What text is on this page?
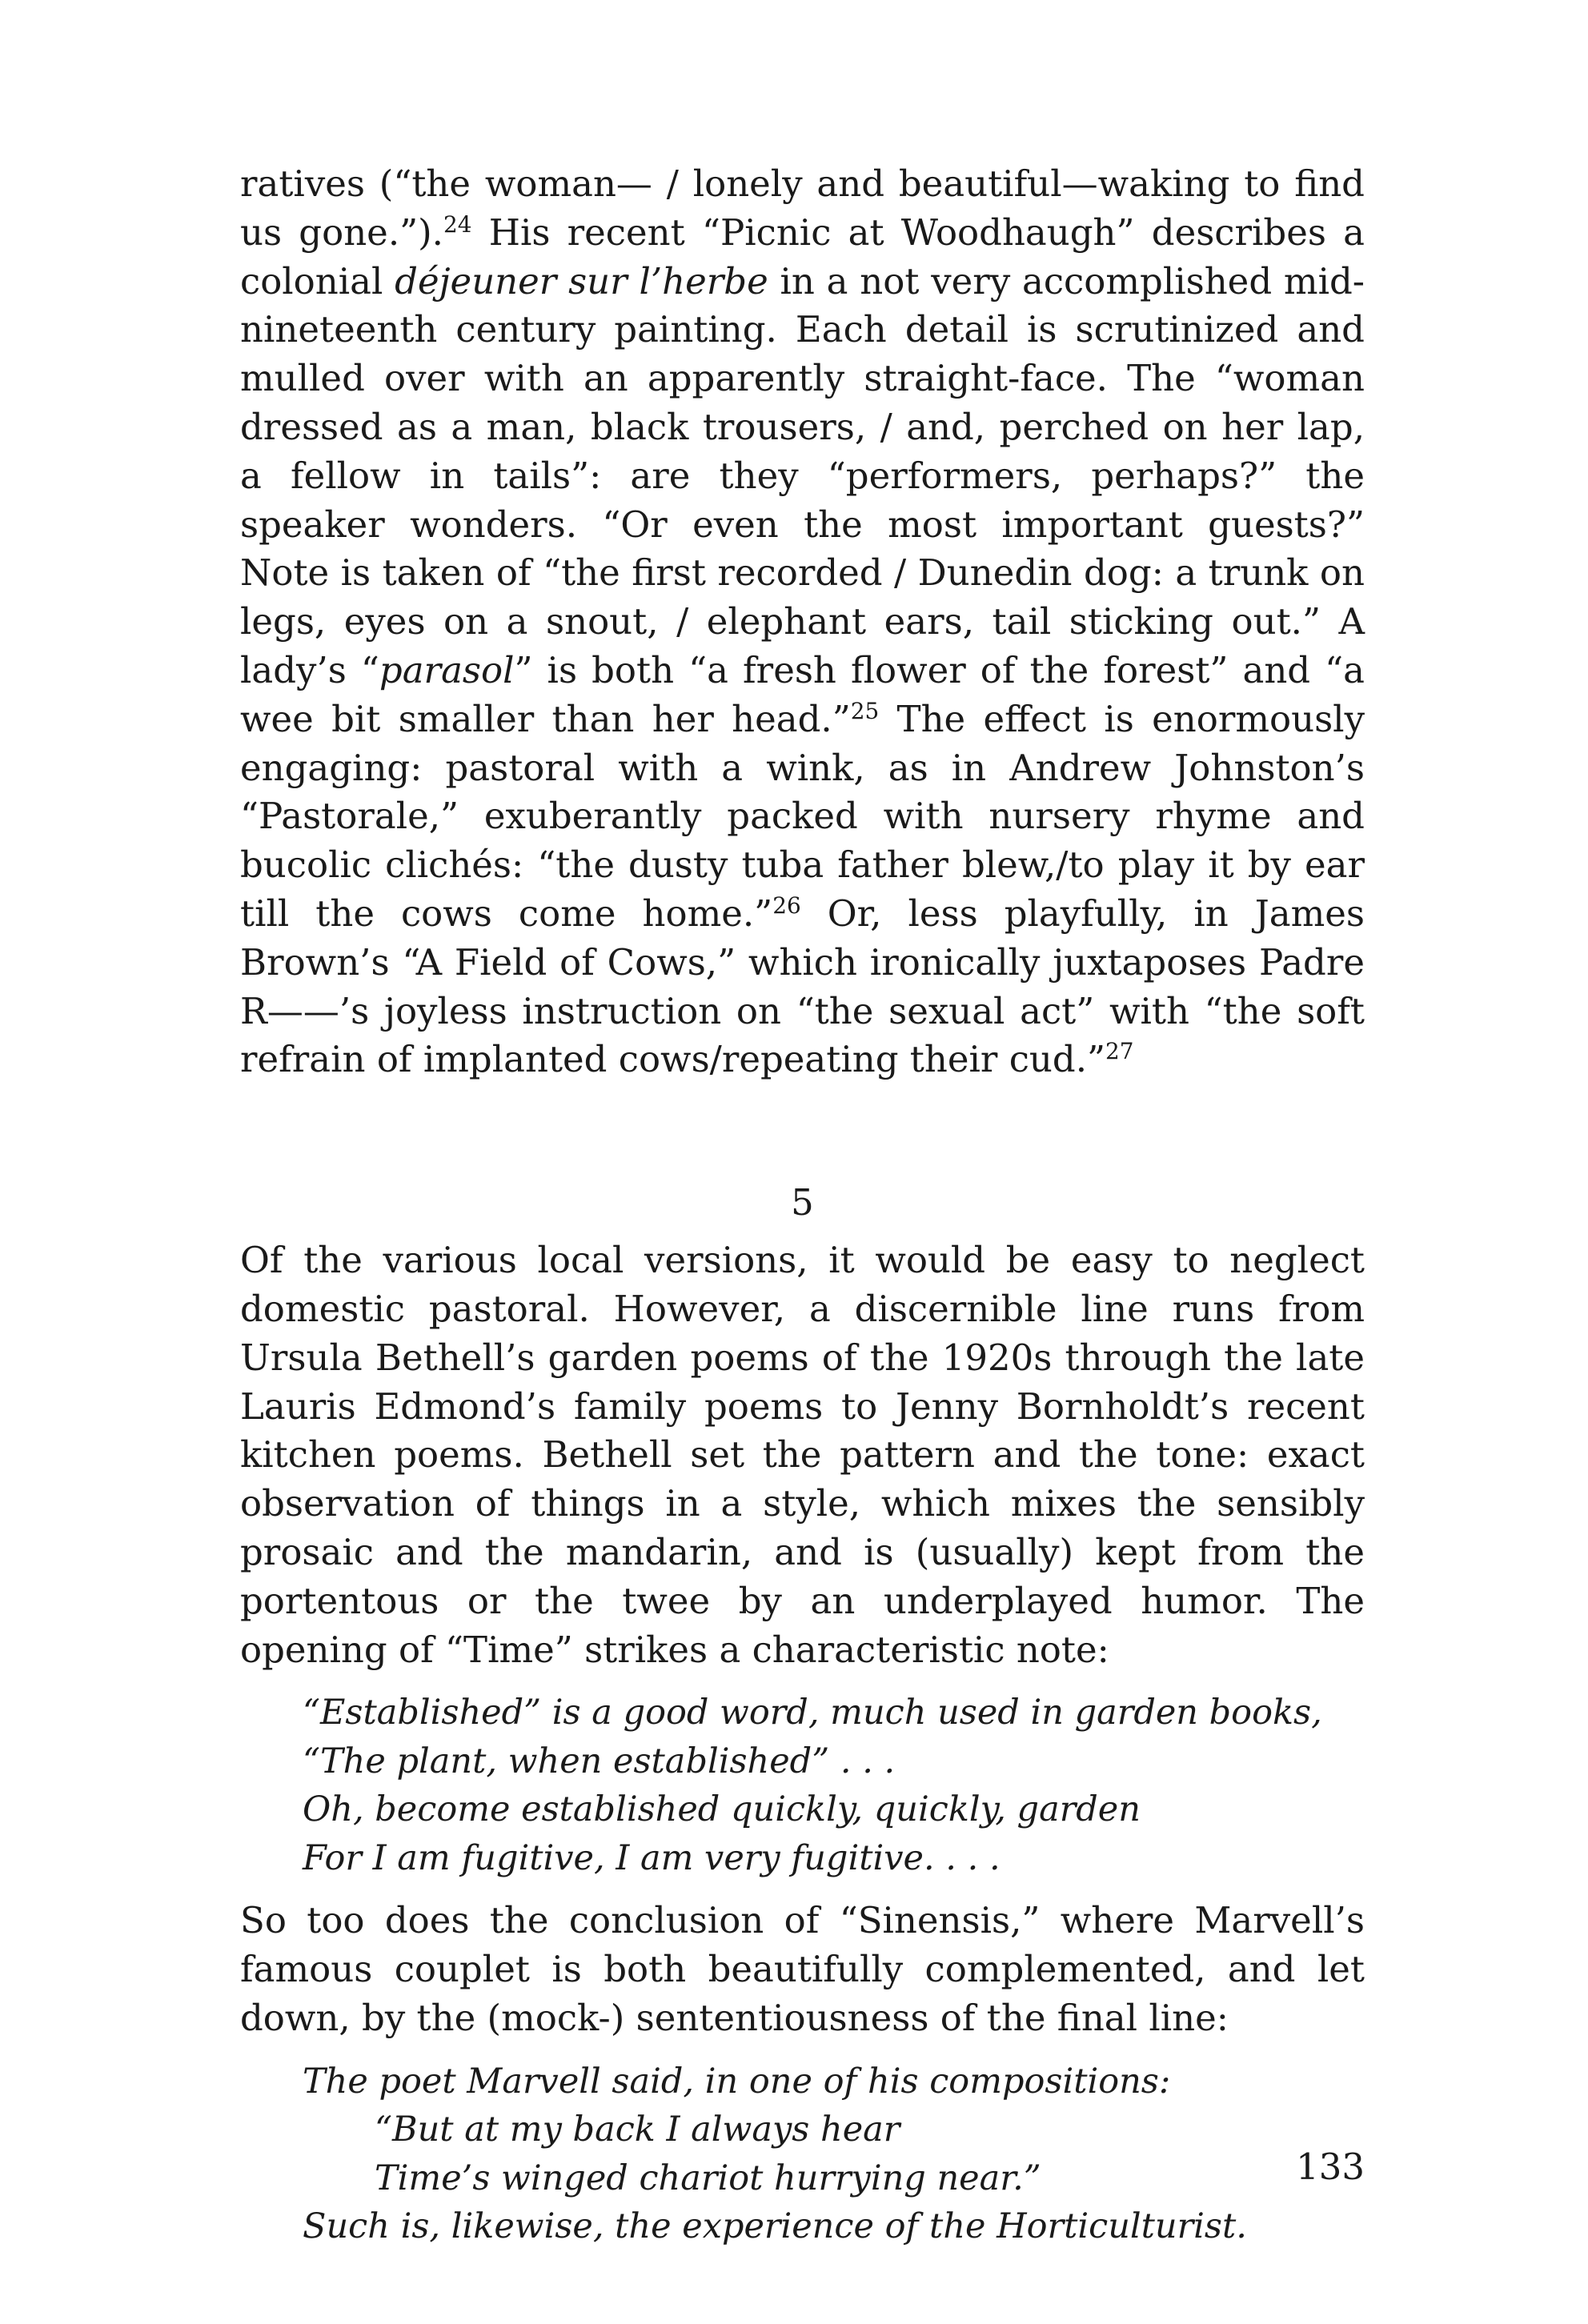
ratives (“the woman— / lonely and beautiful—waking to find us gone.”).$^{24}$ His recent “Picnic at Woodhaugh” describes a colonial déjeuner sur l’herbe in a not very accomplished mid-nineteenth century painting. Each detail is scrutinized and mulled over with an apparently straight-face. The “woman dressed as a man, black trousers, / and, perched on her lap, a fellow in tails”: are they “performers, perhaps?” the speaker wonders. “Or even the most important guests?” Note is taken of “the first recorded / Dunedin dog: a trunk on legs, eyes on a snout, / elephant ears, tail sticking out.” A lady’s “parasol” is both “a fresh flower of the forest” and “a wee bit smaller than her head.”$^{25}$ The effect is enormously engaging: pastoral with a wink, as in Andrew Johnston’s “Pastorale,” exuberantly packed with nursery rhyme and bucolic clichés: “the dusty tuba father blew,/to play it by ear till the cows come home.”$^{26}$ Or, less playfully, in James Brown’s “A Field of Cows,” which ironically juxtaposes Padre R——’s joyless instruction on “the sexual act” with “the soft refrain of implanted cows/repeating their cud.”$^{27}$

5

Of the various local versions, it would be easy to neglect domestic pastoral. However, a discernible line runs from Ursula Bethell’s garden poems of the 1920s through the late Lauris Edmond’s family poems to Jenny Bornholdt’s recent kitchen poems. Bethell set the pattern and the tone: exact observation of things in a style, which mixes the sensibly prosaic and the mandarin, and is (usually) kept from the portentous or the twee by an underplayed humor. The opening of “Time” strikes a characteristic note:

“Established” is a good word, much used in garden books,
“The plant, when established” . . .
Oh, become established quickly, quickly, garden
For I am fugitive, I am very fugitive. . . .

So too does the conclusion of “Sinensis,” where Marvell’s famous couplet is both beautifully complemented, and let down, by the (mock-) sententiousness of the final line:

The poet Marvell said, in one of his compositions:
“But at my back I always hear
Time’s winged chariot hurrying near.”
Such is, likewise, the experience of the Horticulturist.
133
